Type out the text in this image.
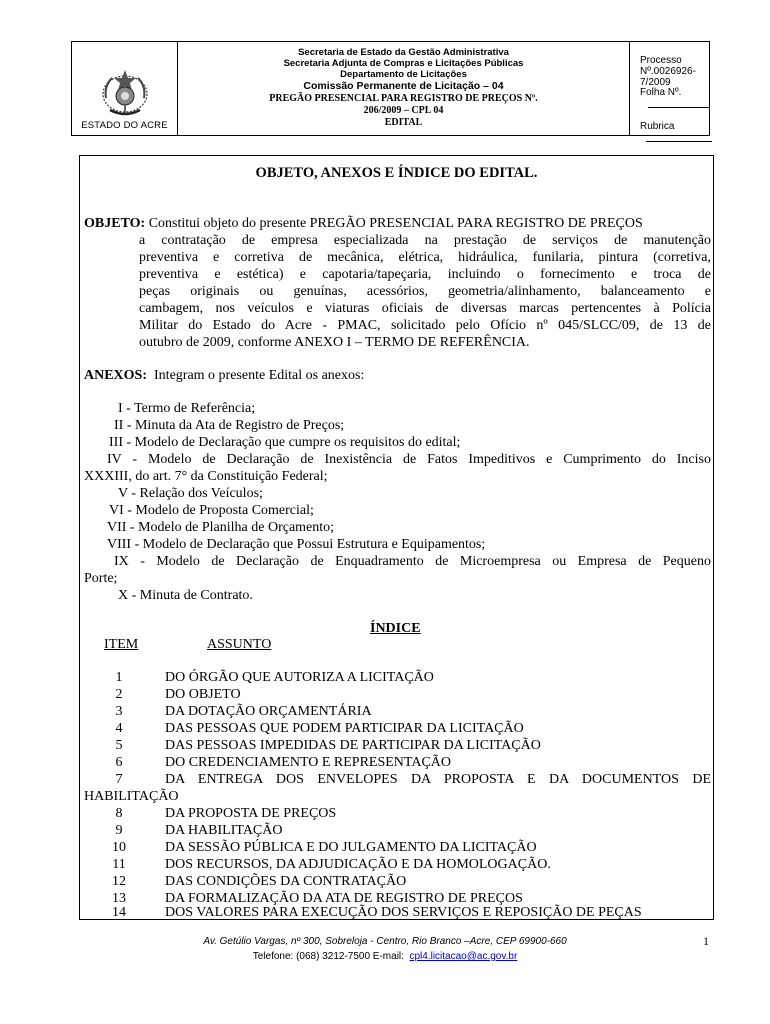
ESTADO DO ACRE
Secretaria de Estado da Gestão Administrativa
Secretaria Adjunta de Compras e Licitações Públicas
Departamento de Licitações
Comissão Permanente de Licitação – 04
PREGÃO PRESENCIAL PARA REGISTRO DE PREÇOS Nº.
206/2009 – CPL 04
EDITAL
Processo Nº.0026926-7/2009
Folha Nº.
Rubrica
OBJETO, ANEXOS E ÍNDICE DO EDITAL.
OBJETO: Constitui objeto do presente PREGÃO PRESENCIAL PARA REGISTRO DE PREÇOS
a contratação de empresa especializada na prestação de serviços de manutenção
preventiva e corretiva de mecânica, elétrica, hidráulica, funilaria, pintura (corretiva,
preventiva e estética) e capotaria/tapeçaria, incluindo o fornecimento e troca de
peças originais ou genuínas, acessórios, geometria/alinhamento, balanceamento e
cambagem, nos veículos e viaturas oficiais de diversas marcas pertencentes à Polícia
Militar do Estado do Acre - PMAC, solicitado pelo Ofício nº 045/SLCC/09, de 13 de
outubro de 2009, conforme ANEXO I – TERMO DE REFERÊNCIA.
ANEXOS: Integram o presente Edital os anexos:
I - Termo de Referência;
II - Minuta da Ata de Registro de Preços;
III - Modelo de Declaração que cumpre os requisitos do edital;
IV - Modelo de Declaração de Inexistência de Fatos Impeditivos e Cumprimento do Inciso
XXXIII, do art. 7° da Constituição Federal;
V - Relação dos Veículos;
VI - Modelo de Proposta Comercial;
VII - Modelo de Planilha de Orçamento;
VIII - Modelo de Declaração que Possui Estrutura e Equipamentos;
IX - Modelo de Declaração de Enquadramento de Microempresa ou Empresa de Pequeno
Porte;
X - Minuta de Contrato.
ÍNDICE
ITEM	ASSUNTO
1	DO ÓRGÃO QUE AUTORIZA A LICITAÇÃO
2	DO OBJETO
3	DA DOTAÇÃO ORÇAMENTÁRIA
4	DAS PESSOAS QUE PODEM PARTICIPAR DA LICITAÇÃO
5	DAS PESSOAS IMPEDIDAS DE PARTICIPAR DA LICITAÇÃO
6	DO CREDENCIAMENTO E REPRESENTAÇÃO
7	DA ENTREGA DOS ENVELOPES DA PROPOSTA E DA DOCUMENTOS DE
HABILITAÇÃO
8	DA PROPOSTA DE PREÇOS
9	DA HABILITAÇÃO
10	DA SESSÃO PÚBLICA E DO JULGAMENTO DA LICITAÇÃO
11	DOS RECURSOS, DA ADJUDICAÇÃO E DA HOMOLOGAÇÃO.
12	DAS CONDIÇÕES DA CONTRATAÇÃO
13	DA FORMALIZAÇÃO DA ATA DE REGISTRO DE PREÇOS
14	DOS VALORES PARA EXECUÇÃO DOS SERVIÇOS E REPOSIÇÃO DE PEÇAS
Av. Getúlio Vargas, nº 300, Sobreloja - Centro, Rio Branco –Acre, CEP 69900-660	1
Telefone: (068) 3212-7500 E-mail: cpl4.licitacao@ac.gov.br
